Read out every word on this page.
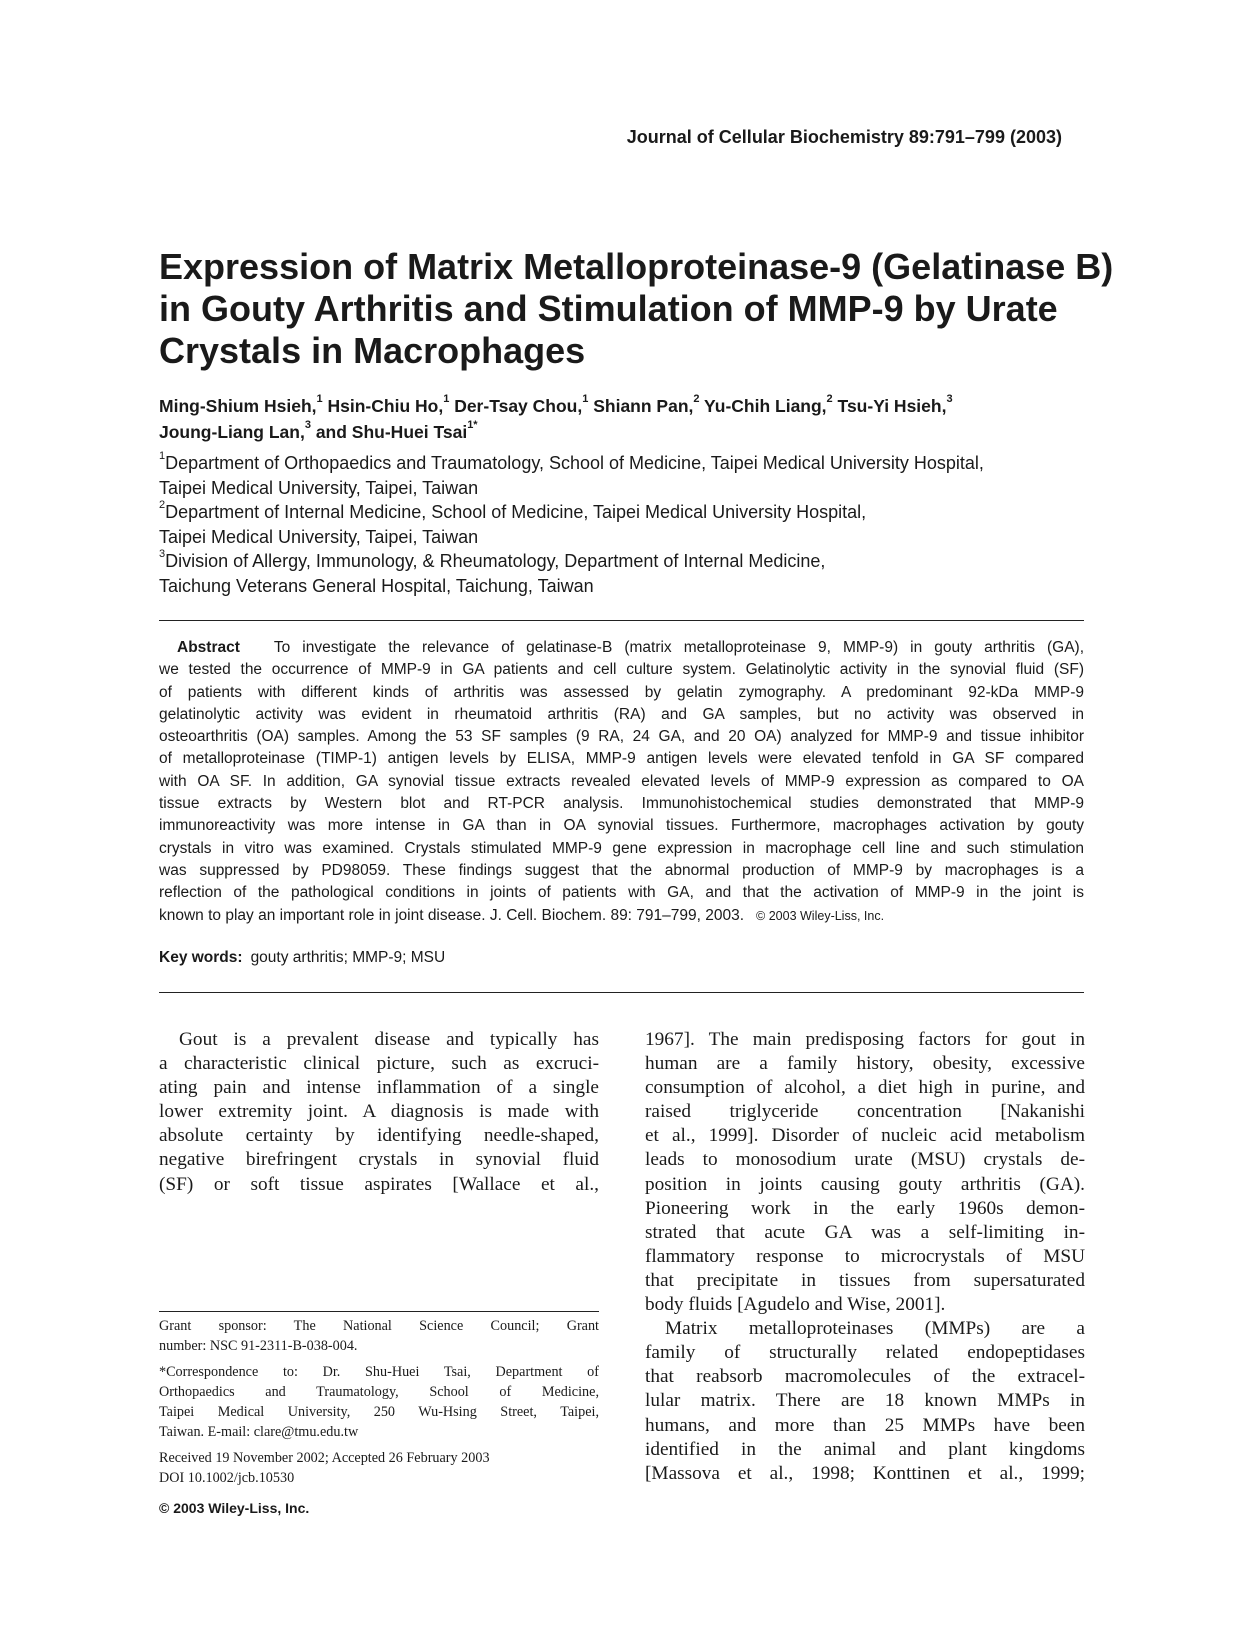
Journal of Cellular Biochemistry 89:791–799 (2003)
Expression of Matrix Metalloproteinase-9 (Gelatinase B)
in Gouty Arthritis and Stimulation of MMP-9 by Urate
Crystals in Macrophages
Ming-Shium Hsieh,$^1$ Hsin-Chiu Ho,$^1$ Der-Tsay Chou,$^1$ Shiann Pan,$^2$ Yu-Chih Liang,$^2$ Tsu-Yi Hsieh,$^3$
Joung-Liang Lan,$^3$ and Shu-Huei Tsai$^{1*}$
$^1$Department of Orthopaedics and Traumatology, School of Medicine, Taipei Medical University Hospital,
Taipei Medical University, Taipei, Taiwan
$^2$Department of Internal Medicine, School of Medicine, Taipei Medical University Hospital,
Taipei Medical University, Taipei, Taiwan
$^3$Division of Allergy, Immunology, & Rheumatology, Department of Internal Medicine,
Taichung Veterans General Hospital, Taichung, Taiwan
Abstract To investigate the relevance of gelatinase-B (matrix metalloproteinase 9, MMP-9) in gouty arthritis (GA),
we tested the occurrence of MMP-9 in GA patients and cell culture system. Gelatinolytic activity in the synovial fluid (SF)
of patients with different kinds of arthritis was assessed by gelatin zymography. A predominant 92-kDa MMP-9
gelatinolytic activity was evident in rheumatoid arthritis (RA) and GA samples, but no activity was observed in
osteoarthritis (OA) samples. Among the 53 SF samples (9 RA, 24 GA, and 20 OA) analyzed for MMP-9 and tissue inhibitor
of metalloproteinase (TIMP-1) antigen levels by ELISA, MMP-9 antigen levels were elevated tenfold in GA SF compared
with OA SF. In addition, GA synovial tissue extracts revealed elevated levels of MMP-9 expression as compared to OA
tissue extracts by Western blot and RT-PCR analysis. Immunohistochemical studies demonstrated that MMP-9
immunoreactivity was more intense in GA than in OA synovial tissues. Furthermore, macrophages activation by gouty
crystals in vitro was examined. Crystals stimulated MMP-9 gene expression in macrophage cell line and such stimulation
was suppressed by PD98059. These findings suggest that the abnormal production of MMP-9 by macrophages is a
reflection of the pathological conditions in joints of patients with GA, and that the activation of MMP-9 in the joint is
known to play an important role in joint disease. J. Cell. Biochem. 89: 791–799, 2003. © 2003 Wiley-Liss, Inc.
Key words: gouty arthritis; MMP-9; MSU
Gout is a prevalent disease and typically has
a characteristic clinical picture, such as excruci-
ating pain and intense inflammation of a single
lower extremity joint. A diagnosis is made with
absolute certainty by identifying needle-shaped,
negative birefringent crystals in synovial fluid
(SF) or soft tissue aspirates [Wallace et al.,
Grant sponsor: The National Science Council; Grant
number: NSC 91-2311-B-038-004.
*Correspondence to: Dr. Shu-Huei Tsai, Department of
Orthopaedics and Traumatology, School of Medicine,
Taipei Medical University, 250 Wu-Hsing Street, Taipei,
Taiwan. E-mail: clare@tmu.edu.tw
Received 19 November 2002; Accepted 26 February 2003
DOI 10.1002/jcb.10530
© 2003 Wiley-Liss, Inc.
1967]. The main predisposing factors for gout in
human are a family history, obesity, excessive
consumption of alcohol, a diet high in purine, and
raised triglyceride concentration [Nakanishi
et al., 1999]. Disorder of nucleic acid metabolism
leads to monosodium urate (MSU) crystals de-
position in joints causing gouty arthritis (GA).
Pioneering work in the early 1960s demon-
strated that acute GA was a self-limiting in-
flammatory response to microcrystals of MSU
that precipitate in tissues from supersaturated
body fluids [Agudelo and Wise, 2001].
Matrix metalloproteinases (MMPs) are a
family of structurally related endopeptidases
that reabsorb macromolecules of the extracel-
lular matrix. There are 18 known MMPs in
humans, and more than 25 MMPs have been
identified in the animal and plant kingdoms
[Massova et al., 1998; Konttinen et al., 1999;
